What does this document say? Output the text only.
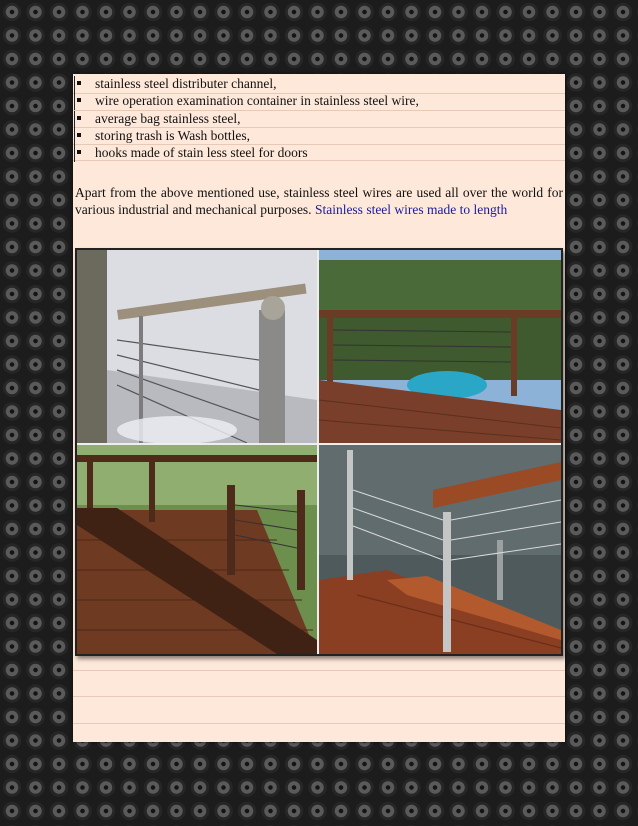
stainless steel distributer channel,
wire operation examination container in stainless steel wire,
average bag stainless steel,
storing trash is Wash bottles,
hooks made of stain less steel for doors

Apart from the above mentioned use, stainless steel wires are used all over the world for various industrial and mechanical purposes. Stainless steel wires made to length
